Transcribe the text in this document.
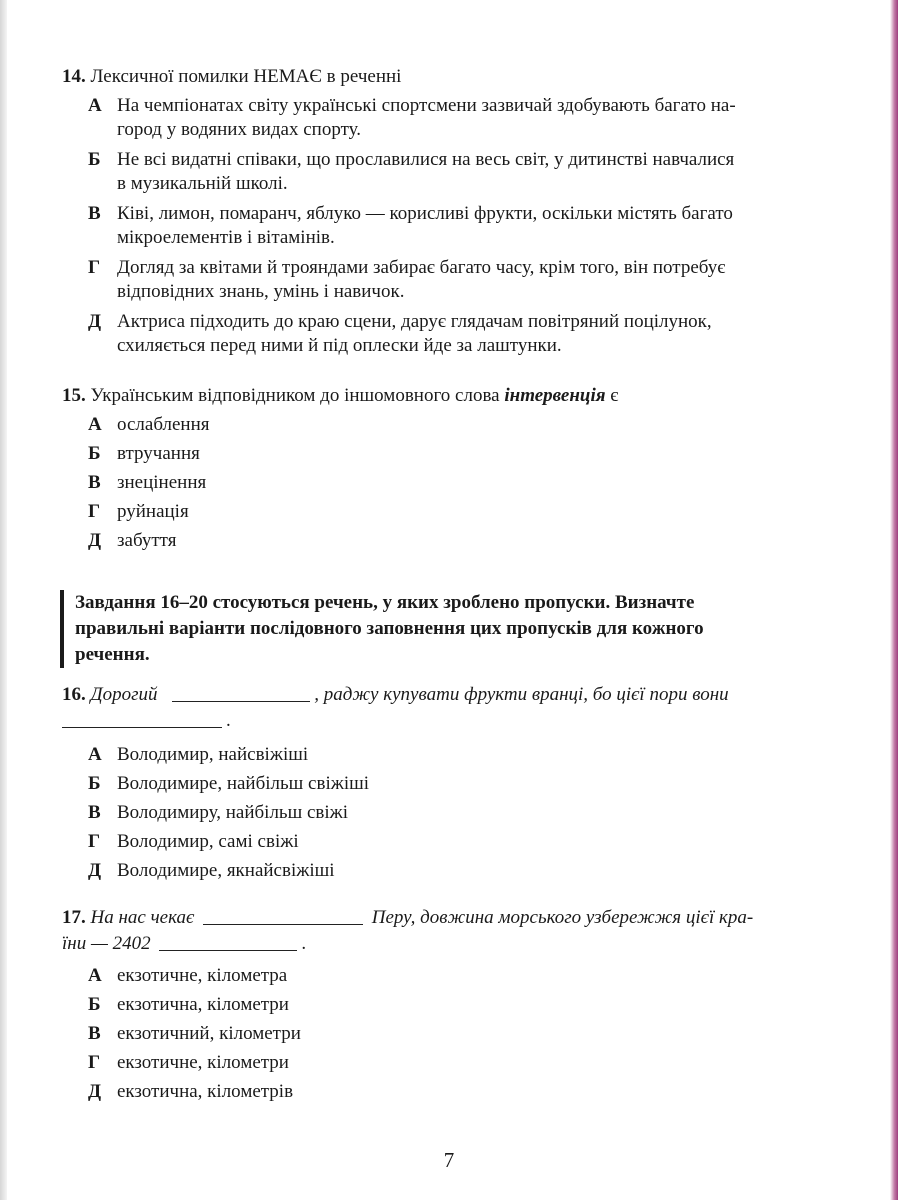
14. Лексичної помилки НЕМАЄ в реченні
А На чемпіонатах світу українські спортсмени зазвичай здобувають багато на-
город у водяних видах спорту.
Б Не всі видатні співаки, що прославилися на весь світ, у дитинстві навчалися
в музикальній школі.
В Ківі, лимон, помаранч, яблуко — корисливі фрукти, оскільки містять багато
мікроелементів і вітамінів.
Г Догляд за квітами й трояндами забирає багато часу, крім того, він потребує
відповідних знань, умінь і навичок.
Д Актриса підходить до краю сцени, дарує глядачам повітряний поцілунок,
схиляється перед ними й під оплески йде за лаштунки.
15. Українським відповідником до іншомовного слова інтервенція є
А ослаблення
Б втручання
В знецінення
Г руйнація
Д забуття
Завдання 16–20 стосуються речень, у яких зроблено пропуски. Визначте
правильні варіанти послідовного заповнення цих пропусків для кожного
речення.
16. Дорогий	, раджу купувати фрукти вранці, бо цієї пори вони
.
А Володимир, найсвіжіші
Б Володимире, найбільш свіжіші
В Володимиру, найбільш свіжі
Г Володимир, самі свіжі
Д Володимире, якнайсвіжіші
17. На нас чекає	Перу, довжина морського узбережжя цієї кра-
їни — 2402	.
А екзотичне, кілометра
Б екзотична, кілометри
В екзотичний, кілометри
Г екзотичне, кілометри
Д екзотична, кілометрів
7
